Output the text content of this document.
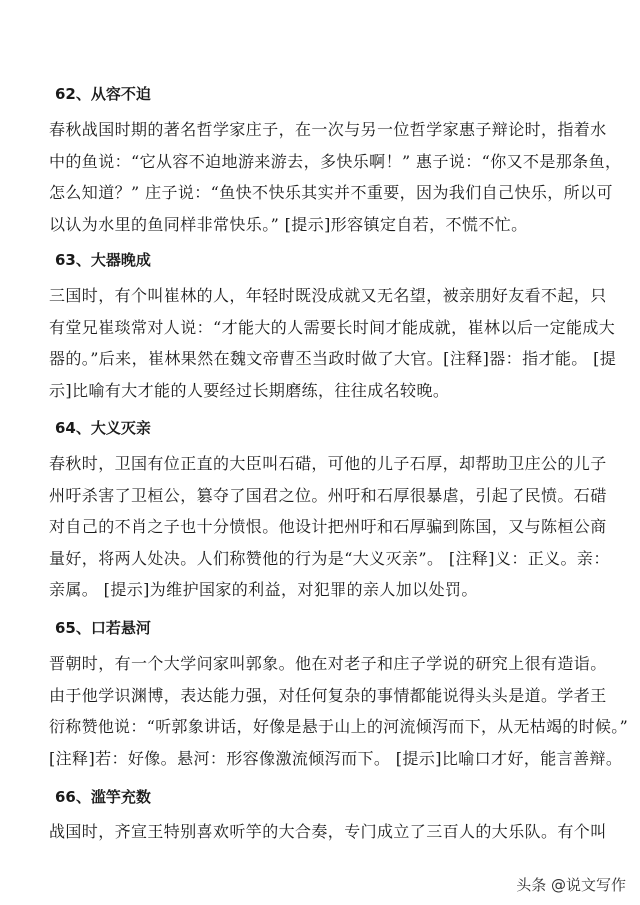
62、从容不迫
春秋战国时期的著名哲学家庄子，在一次与另一位哲学家惠子辩论时，指着水
中的鱼说：“它从容不迫地游来游去，多快乐啊！” 惠子说：“你又不是那条鱼，
怎么知道？” 庄子说：“鱼快不快乐其实并不重要，因为我们自己快乐，所以可
以认为水里的鱼同样非常快乐。” [提示]形容镇定自若，不慌不忙。
63、大器晚成
三国时，有个叫崔林的人，年轻时既没成就又无名望，被亲朋好友看不起，只
有堂兄崔琰常对人说：“才能大的人需要长时间才能成就，崔林以后一定能成大
器的。”后来，崔林果然在魏文帝曹丕当政时做了大官。[注释]器：指才能。 [提
示]比喻有大才能的人要经过长期磨练，往往成名较晚。
64、大义灭亲
春秋时，卫国有位正直的大臣叫石碏，可他的儿子石厚，却帮助卫庄公的儿子
州吁杀害了卫桓公，篡夺了国君之位。州吁和石厚很暴虐，引起了民愤。石碏
对自己的不肖之子也十分愤恨。他设计把州吁和石厚骗到陈国，又与陈桓公商
量好，将两人处决。人们称赞他的行为是“大义灭亲”。 [注释]义：正义。亲：
亲属。 [提示]为维护国家的利益，对犯罪的亲人加以处罚。
65、口若悬河
晋朝时，有一个大学问家叫郭象。他在对老子和庄子学说的研究上很有造诣。
由于他学识渊博，表达能力强，对任何复杂的事情都能说得头头是道。学者王
衍称赞他说：“听郭象讲话，好像是悬于山上的河流倾泻而下，从无枯竭的时候。”
[注释]若：好像。悬河：形容像激流倾泻而下。 [提示]比喻口才好，能言善辩。
66、滥竽充数
战国时，齐宣王特别喜欢听竽的大合奏，专门成立了三百人的大乐队。有个叫
头条 @说文写作
